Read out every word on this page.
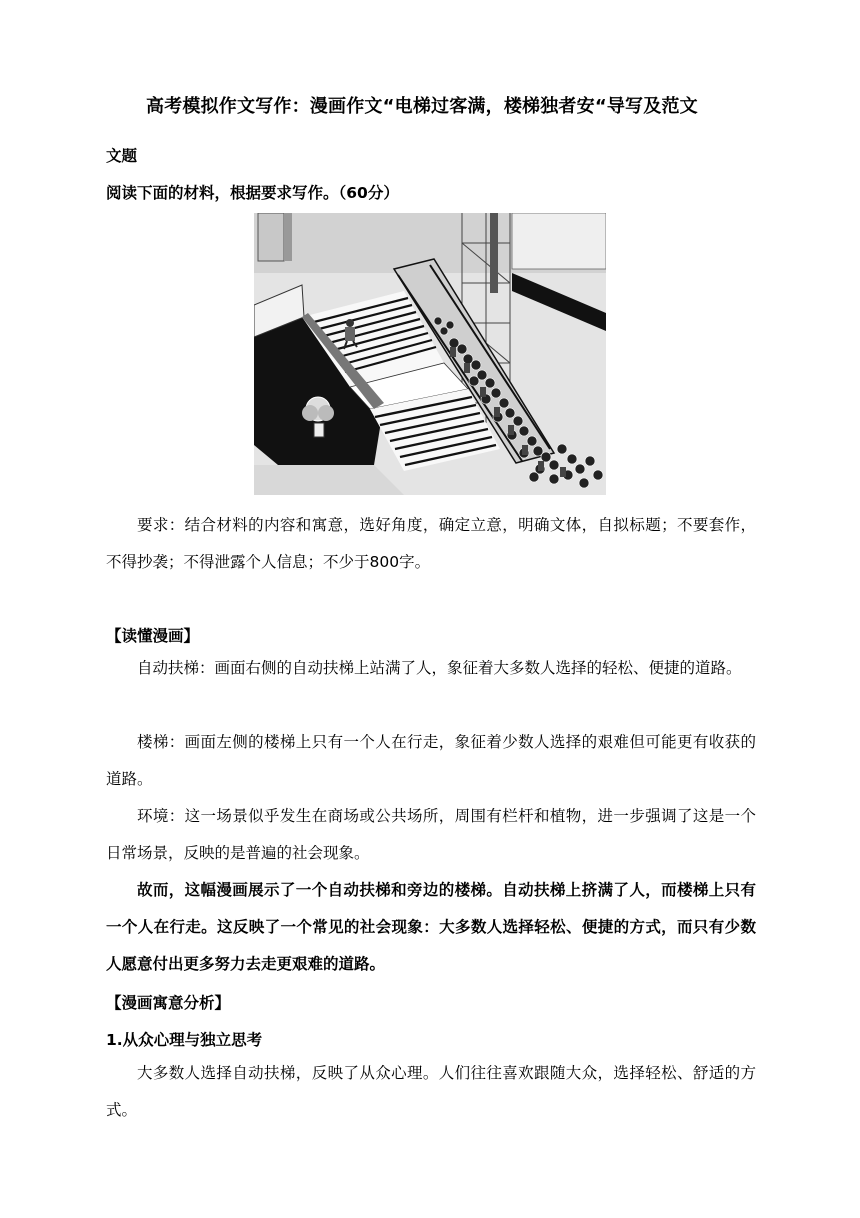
高考模拟作文写作：漫画作文“电梯过客满，楼梯独者安“导写及范文
文题
阅读下面的材料，根据要求写作。（60分）
要求：结合材料的内容和寓意，选好角度，确定立意，明确文体，自拟标题；不要套作，不得抄袭；不得泄露个人信息；不少于800字。
【读懂漫画】
自动扶梯：画面右侧的自动扶梯上站满了人，象征着大多数人选择的轻松、便捷的道路。
楼梯：画面左侧的楼梯上只有一个人在行走，象征着少数人选择的艰难但可能更有收获的道路。
环境：这一场景似乎发生在商场或公共场所，周围有栏杆和植物，进一步强调了这是一个日常场景，反映的是普遍的社会现象。
故而，这幅漫画展示了一个自动扶梯和旁边的楼梯。自动扶梯上挤满了人，而楼梯上只有一个人在行走。这反映了一个常见的社会现象：大多数人选择轻松、便捷的方式，而只有少数人愿意付出更多努力去走更艰难的道路。
【漫画寓意分析】
1.从众心理与独立思考
大多数人选择自动扶梯，反映了从众心理。人们往往喜欢跟随大众，选择轻松、舒适的方式。
